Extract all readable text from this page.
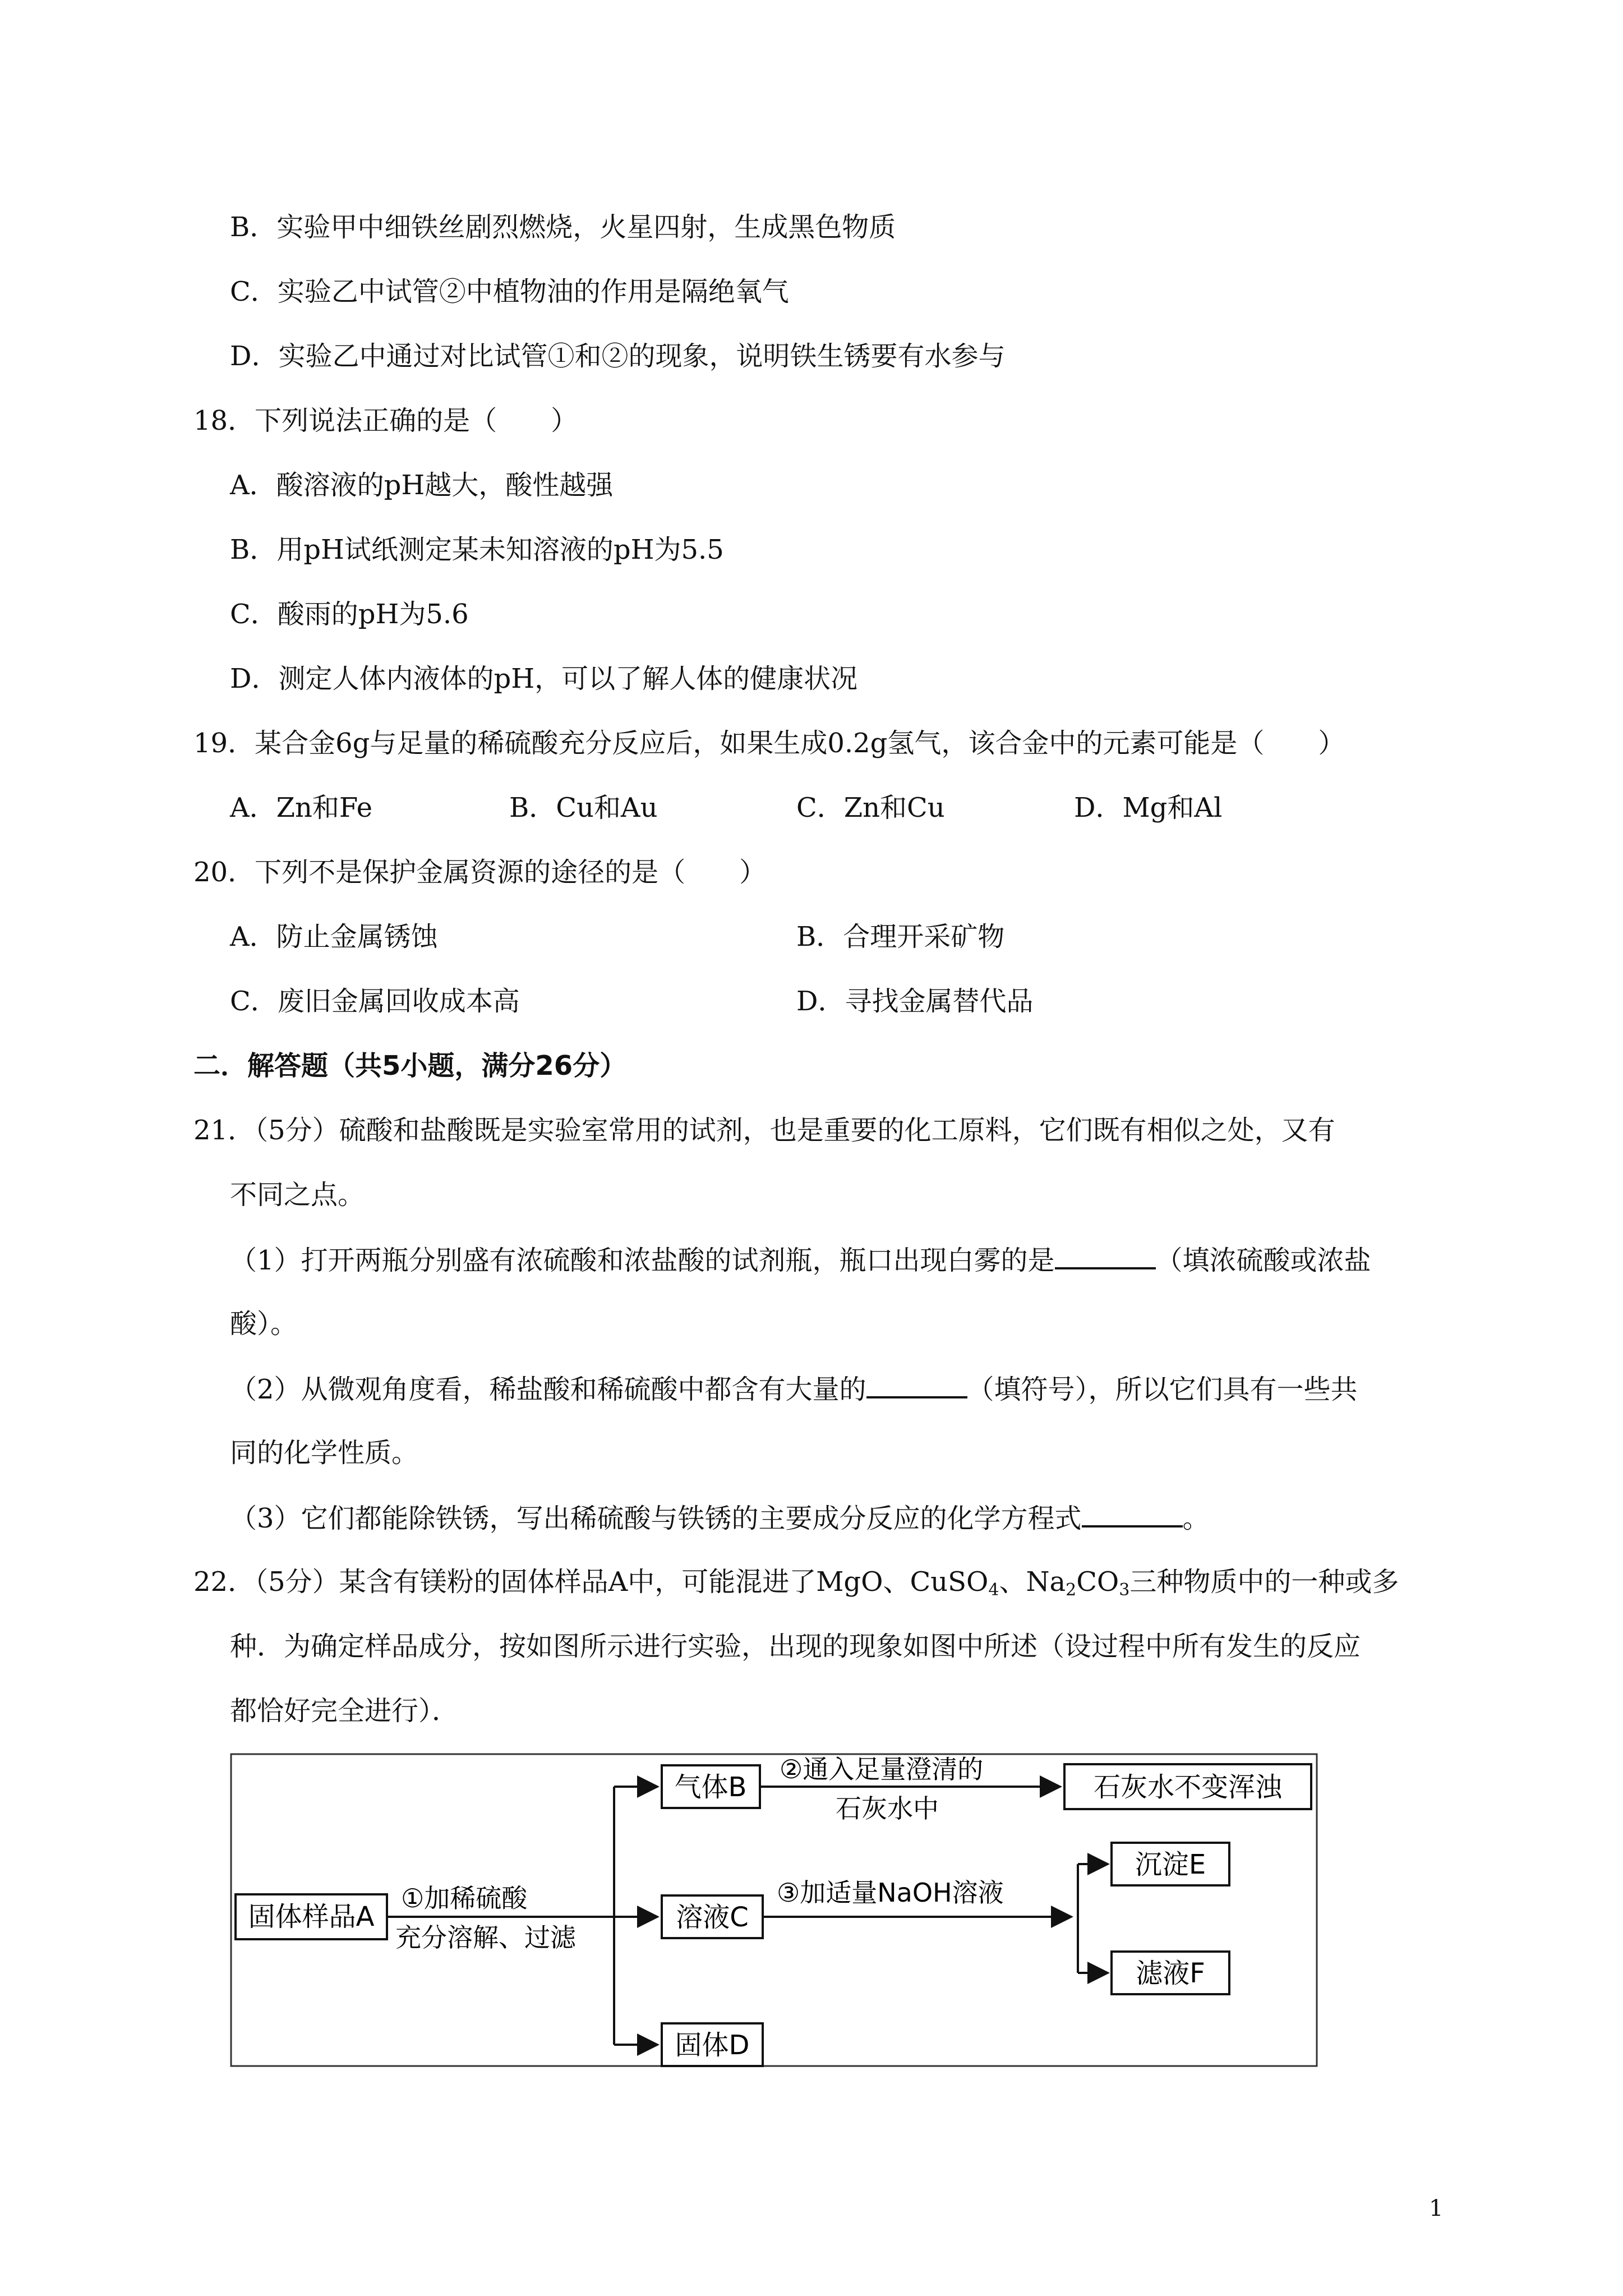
B．实验甲中细铁丝剧烈燃烧，火星四射，生成黑色物质
C．实验乙中试管②中植物油的作用是隔绝氧气
D．实验乙中通过对比试管①和②的现象，说明铁生锈要有水参与
18．下列说法正确的是（　　）
A．酸溶液的pH越大，酸性越强
B．用pH试纸测定某未知溶液的pH为5.5
C．酸雨的pH为5.6
D．测定人体内液体的pH，可以了解人体的健康状况
19．某合金6g与足量的稀硫酸充分反应后，如果生成0.2g氢气，该合金中的元素可能是（　　）
A．Zn和Fe	B．Cu和Au	C．Zn和Cu	D．Mg和Al
20．下列不是保护金属资源的途径的是（　　）
A．防止金属锈蚀	B．合理开采矿物
C．废旧金属回收成本高	D．寻找金属替代品
二．解答题（共5小题，满分26分）
21．（5分）硫酸和盐酸既是实验室常用的试剂，也是重要的化工原料，它们既有相似之处，又有
不同之点。
（1）打开两瓶分别盛有浓硫酸和浓盐酸的试剂瓶，瓶口出现白雾的是	（填浓硫酸或浓盐
酸）。
（2）从微观角度看，稀盐酸和稀硫酸中都含有大量的	（填符号），所以它们具有一些共
同的化学性质。
（3）它们都能除铁锈，写出稀硫酸与铁锈的主要成分反应的化学方程式	。
22．（5分）某含有镁粉的固体样品A中，可能混进了MgO、CuSO$_4$、$Na_2CO_3$三种物质中的一种或多
种．为确定样品成分，按如图所示进行实验，出现的现象如图中所述（设过程中所有发生的反应
都恰好完全进行）．
固体样品A
①加稀硫酸
充分溶解、过滤
气体B
②通入足量澄清的
石灰水中
石灰水不变浑浊
溶液C
③加适量NaOH溶液
沉淀E
滤液F
固体D
1
